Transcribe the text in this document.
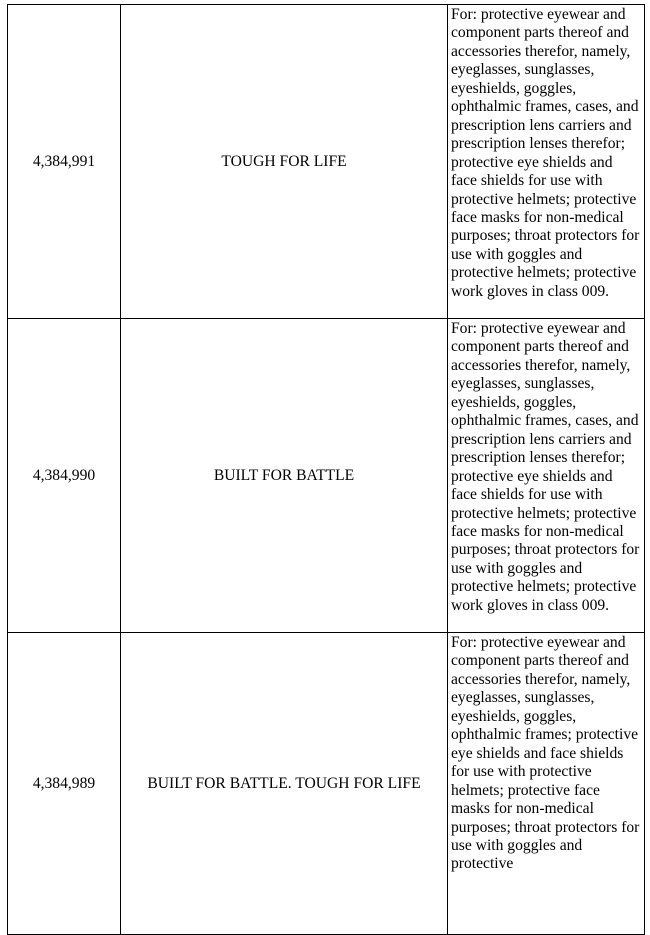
4,384,991	TOUGH FOR LIFE	For: protective eyewear and component parts thereof and accessories therefor, namely, eyeglasses, sunglasses, eyeshields, goggles, ophthalmic frames, cases, and prescription lens carriers and prescription lenses therefor; protective eye shields and face shields for use with protective helmets; protective face masks for non-medical purposes; throat protectors for use with goggles and protective helmets; protective work gloves in class 009.

4,384,990	BUILT FOR BATTLE	For: protective eyewear and component parts thereof and accessories therefor, namely, eyeglasses, sunglasses, eyeshields, goggles, ophthalmic frames, cases, and prescription lens carriers and prescription lenses therefor; protective eye shields and face shields for use with protective helmets; protective face masks for non-medical purposes; throat protectors for use with goggles and protective helmets; protective work gloves in class 009.

4,384,989	BUILT FOR BATTLE. TOUGH FOR LIFE	For: protective eyewear and component parts thereof and accessories therefor, namely, eyeglasses, sunglasses, eyeshields, goggles, ophthalmic frames; protective eye shields and face shields for use with protective helmets; protective face masks for non-medical purposes; throat protectors for use with goggles and protective
